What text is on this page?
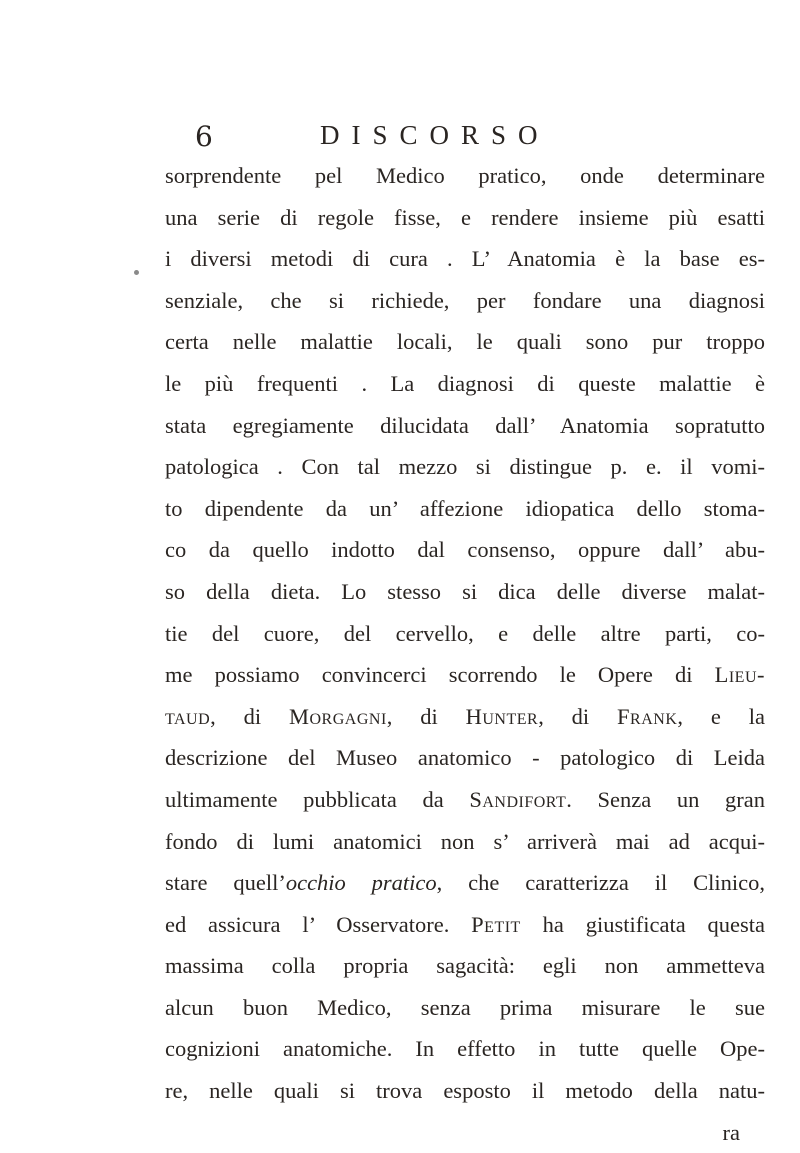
6	DISCORSO
sorprendente pel Medico pratico, onde determinare
una serie di regole fisse, e rendere insieme più esatti
i diversi metodi di cura . L’ Anatomia è la base es-
senziale, che si richiede, per fondare una diagnosi
certa nelle malattie locali, le quali sono pur troppo
le più frequenti . La diagnosi di queste malattie è
stata egregiamente dilucidata dall’ Anatomia sopratutto
patologica . Con tal mezzo si distingue p. e. il vomi-
to dipendente da un’ affezione idiopatica dello stoma-
co da quello indotto dal consenso, oppure dall’ abu-
so della dieta. Lo stesso si dica delle diverse malat-
tie del cuore, del cervello, e delle altre parti, co-
me possiamo convincerci scorrendo le Opere di Lieu-
taud, di Morgagni, di Hunter, di Frank, e la
descrizione del Museo anatomico - patologico di Leida
ultimamente pubblicata da Sandifort. Senza un gran
fondo di lumi anatomici non s’ arriverà mai ad acqui-
stare quell’occhio pratico, che caratterizza il Clinico,
ed assicura l’ Osservatore. Petit ha giustificata questa
massima colla propria sagacità: egli non ammetteva
alcun buon Medico, senza prima misurare le sue
cognizioni anatomiche. In effetto in tutte quelle Ope-
re, nelle quali si trova esposto il metodo della natu-
ra
